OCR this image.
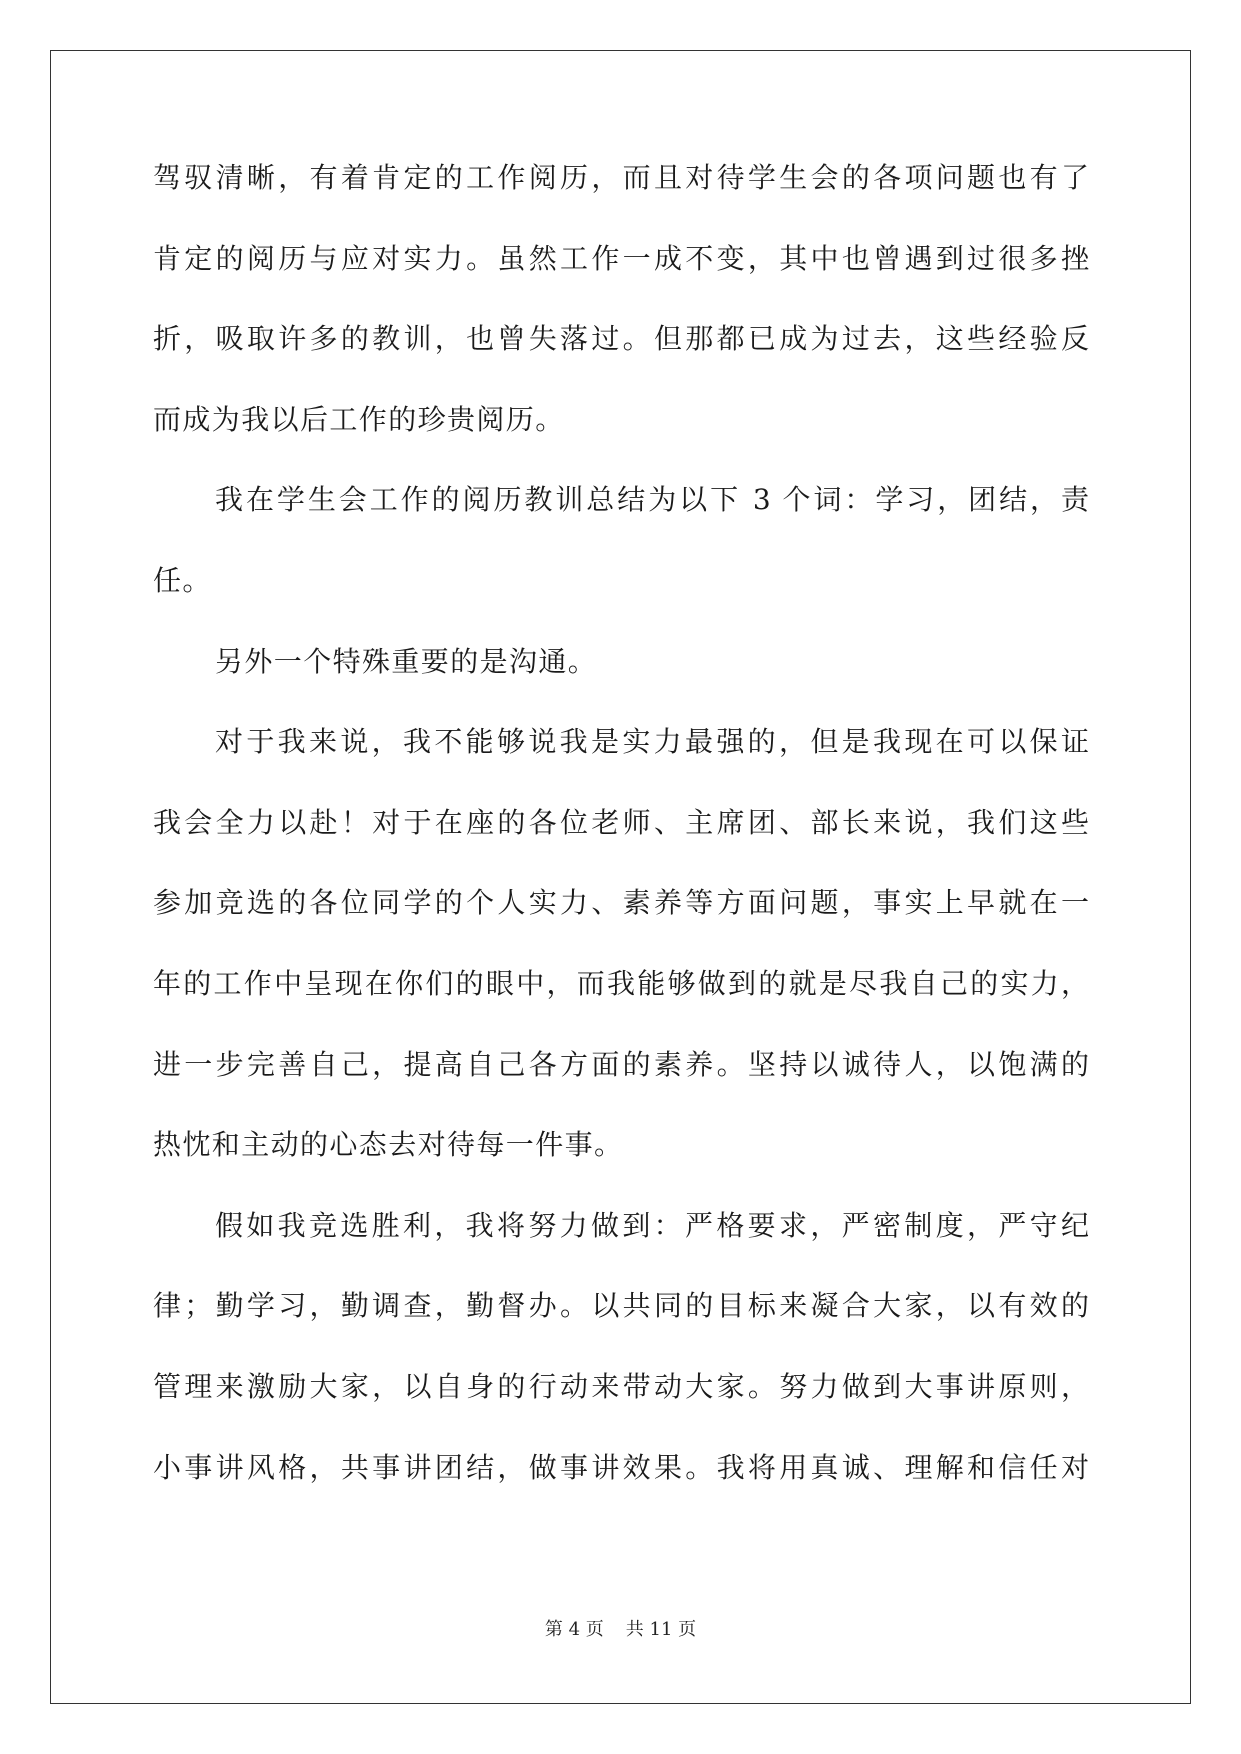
驾驭清晰，有着肯定的工作阅历，而且对待学生会的各项问题也有了
肯定的阅历与应对实力。虽然工作一成不变，其中也曾遇到过很多挫
折，吸取许多的教训，也曾失落过。但那都已成为过去，这些经验反
而成为我以后工作的珍贵阅历。
我在学生会工作的阅历教训总结为以下 3 个词：学习，团结，责
任。
另外一个特殊重要的是沟通。
对于我来说，我不能够说我是实力最强的，但是我现在可以保证
我会全力以赴！对于在座的各位老师、主席团、部长来说，我们这些
参加竞选的各位同学的个人实力、素养等方面问题，事实上早就在一
年的工作中呈现在你们的眼中，而我能够做到的就是尽我自己的实力，
进一步完善自己，提高自己各方面的素养。坚持以诚待人，以饱满的
热忱和主动的心态去对待每一件事。
假如我竞选胜利，我将努力做到：严格要求，严密制度，严守纪
律；勤学习，勤调查，勤督办。以共同的目标来凝合大家，以有效的
管理来激励大家，以自身的行动来带动大家。努力做到大事讲原则，
小事讲风格，共事讲团结，做事讲效果。我将用真诚、理解和信任对
第 4 页 共 11 页
